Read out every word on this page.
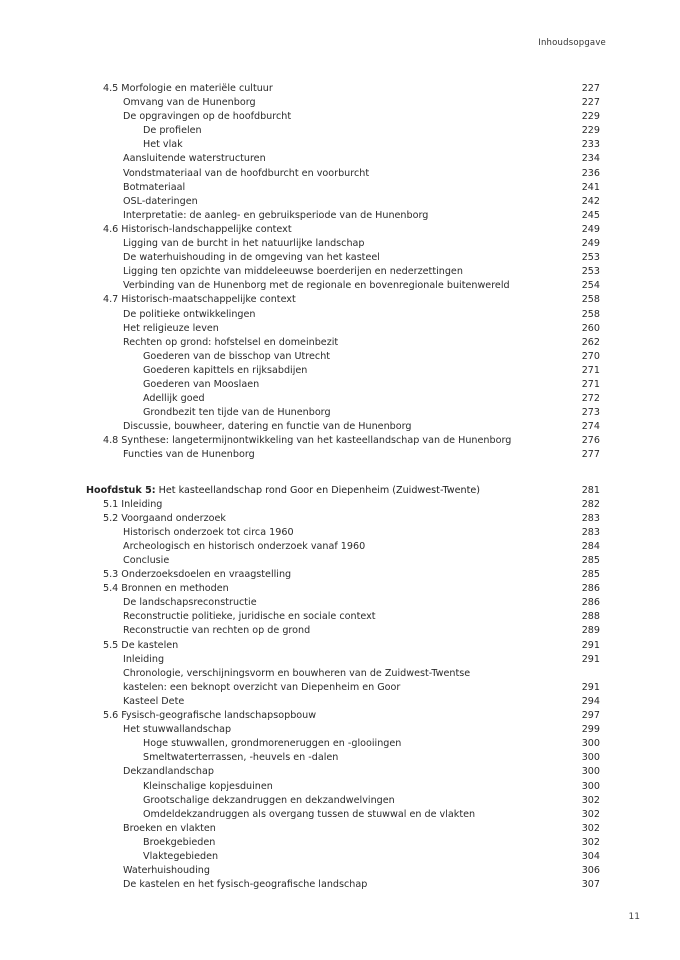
Inhoudsopgave
4.5 Morfologie en materiële cultuur	227
Omvang van de Hunenborg	227
De opgravingen op de hoofdburcht	229
De profielen	229
Het vlak	233
Aansluitende waterstructuren	234
Vondstmateriaal van de hoofdburcht en voorburcht	236
Botmateriaal	241
OSL-dateringen	242
Interpretatie: de aanleg- en gebruiksperiode van de Hunenborg	245
4.6 Historisch-landschappelijke context	249
Ligging van de burcht in het natuurlijke landschap	249
De waterhuishouding in de omgeving van het kasteel	253
Ligging ten opzichte van middeleeuwse boerderijen en nederzettingen	253
Verbinding van de Hunenborg met de regionale en bovenregionale buitenwereld	254
4.7 Historisch-maatschappelijke context	258
De politieke ontwikkelingen	258
Het religieuze leven	260
Rechten op grond: hofstelsel en domeinbezit	262
Goederen van de bisschop van Utrecht	270
Goederen kapittels en rijksabdijen	271
Goederen van Mooslaen	271
Adellijk goed	272
Grondbezit ten tijde van de Hunenborg	273
Discussie, bouwheer, datering en functie van de Hunenborg	274
4.8 Synthese: langetermijnontwikkeling van het kasteellandschap van de Hunenborg	276
Functies van de Hunenborg	277
Hoofdstuk 5: Het kasteellandschap rond Goor en Diepenheim (Zuidwest-Twente)	281
5.1 Inleiding	282
5.2 Voorgaand onderzoek	283
Historisch onderzoek tot circa 1960	283
Archeologisch en historisch onderzoek vanaf 1960	284
Conclusie	285
5.3 Onderzoeksdoelen en vraagstelling	285
5.4 Bronnen en methoden	286
De landschapsreconstructie	286
Reconstructie politieke, juridische en sociale context	288
Reconstructie van rechten op de grond	289
5.5 De kastelen	291
Inleiding	291
Chronologie, verschijningsvorm en bouwheren van de Zuidwest-Twentse
kastelen: een beknopt overzicht van Diepenheim en Goor	291
Kasteel Dete	294
5.6 Fysisch-geografische landschapsopbouw	297
Het stuwwallandschap	299
Hoge stuwwallen, grondmoreneruggen en -glooiingen	300
Smeltwaterterrassen, -heuvels en -dalen	300
Dekzandlandschap	300
Kleinschalige kopjesduinen	300
Grootschalige dekzandruggen en dekzandwelvingen	302
Omdeldekzandruggen als overgang tussen de stuwwal en de vlakten	302
Broeken en vlakten	302
Broekgebieden	302
Vlaktegebieden	304
Waterhuishouding	306
De kastelen en het fysisch-geografische landschap	307
11
